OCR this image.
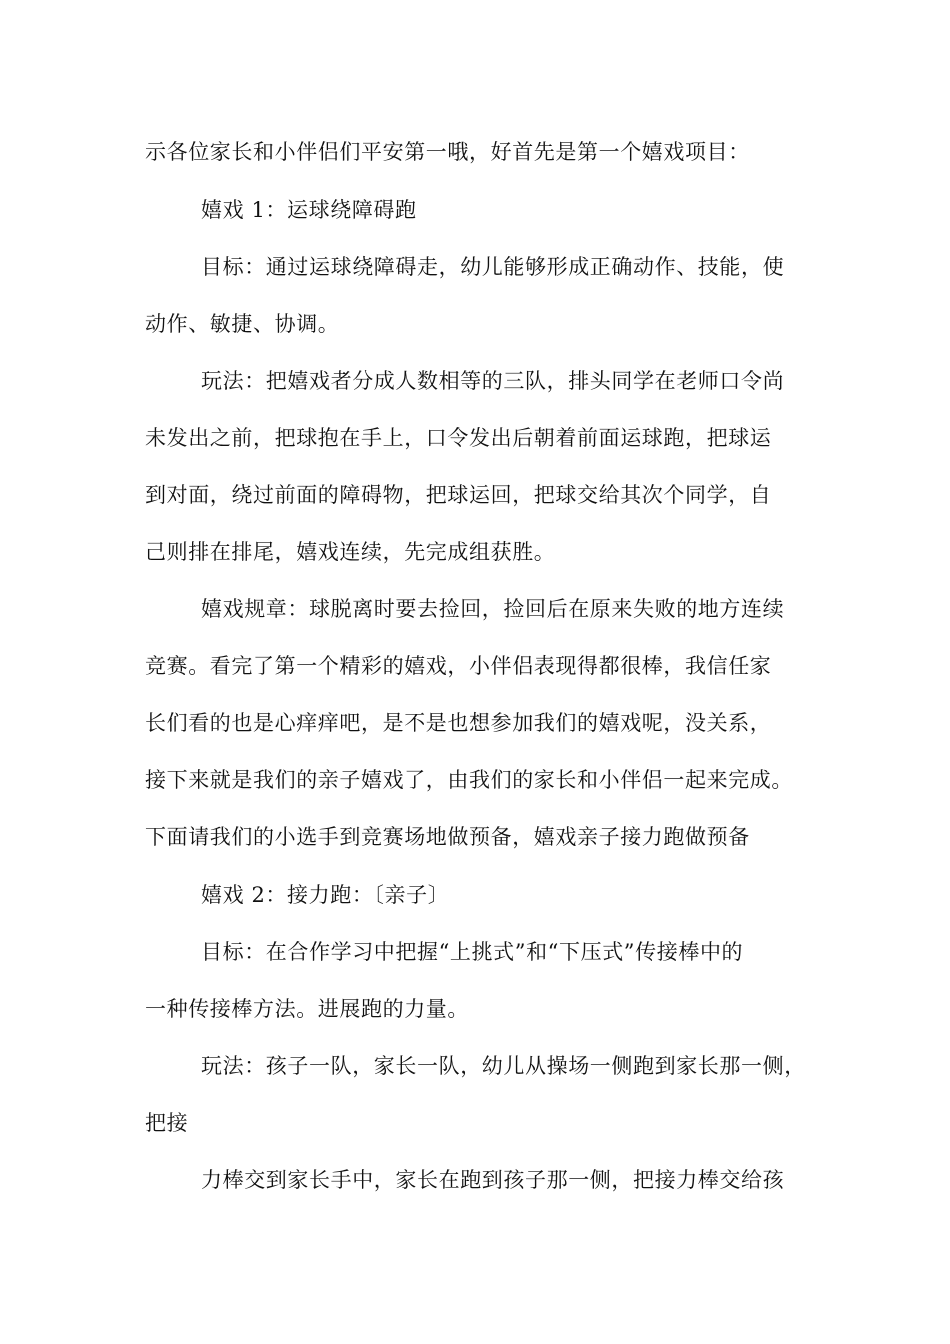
示各位家长和小伴侣们平安第一哦，好首先是第一个嬉戏项目：
嬉戏 1：运球绕障碍跑
目标：通过运球绕障碍走，幼儿能够形成正确动作、技能，使
动作、敏捷、协调。
玩法：把嬉戏者分成人数相等的三队，排头同学在老师口令尚
未发出之前，把球抱在手上，口令发出后朝着前面运球跑，把球运
到对面，绕过前面的障碍物，把球运回，把球交给其次个同学，自
己则排在排尾，嬉戏连续，先完成组获胜。
嬉戏规章：球脱离时要去捡回，捡回后在原来失败的地方连续
竞赛。看完了第一个精彩的嬉戏，小伴侣表现得都很棒，我信任家
长们看的也是心痒痒吧，是不是也想参加我们的嬉戏呢，没关系，
接下来就是我们的亲子嬉戏了，由我们的家长和小伴侣一起来完成。
下面请我们的小选手到竞赛场地做预备，嬉戏亲子接力跑做预备
嬉戏 2：接力跑：〔亲子〕
目标：在合作学习中把握“上挑式”和“下压式”传接棒中的
一种传接棒方法。进展跑的力量。
玩法：孩子一队，家长一队，幼儿从操场一侧跑到家长那一侧，
把接
力棒交到家长手中，家长在跑到孩子那一侧，把接力棒交给孩
